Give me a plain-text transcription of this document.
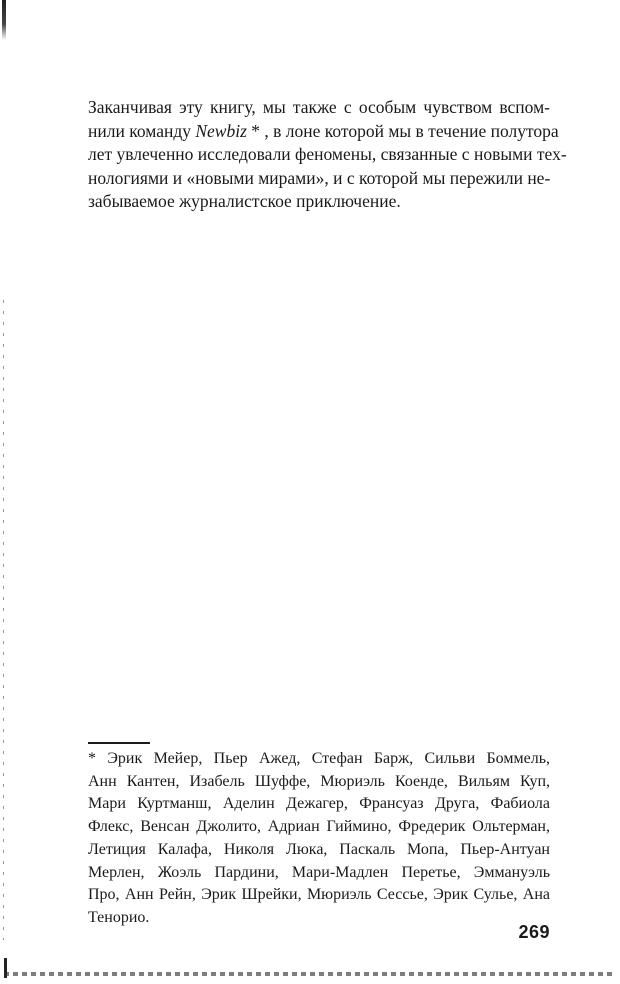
Заканчивая эту книгу, мы также с особым чувством вспом-
нили команду Newbiz * , в лоне которой мы в течение полутора
лет увлеченно исследовали феномены, связанные с новыми тех-
нологиями и «новыми мирами», и с которой мы пережили не-
забываемое журналистское приключение.
* Эрик Мейер, Пьер Ажед, Стефан Барж, Сильви Боммель,
Анн Кантен, Изабель Шуффе, Мюриэль Коенде, Вильям Куп,
Мари Куртманш, Аделин Дежагер, Франсуаз Друга, Фабиола
Флекс, Венсан Джолито, Адриан Гиймино, Фредерик Ольтерман,
Летиция Калафа, Николя Люка, Паскаль Мопа, Пьер-Антуан
Мерлен, Жоэль Пардини, Мари-Мадлен Перетье, Эммануэль
Про, Анн Рейн, Эрик Шрейки, Мюриэль Сессье, Эрик Сулье, Ана
Тенорио.
269
